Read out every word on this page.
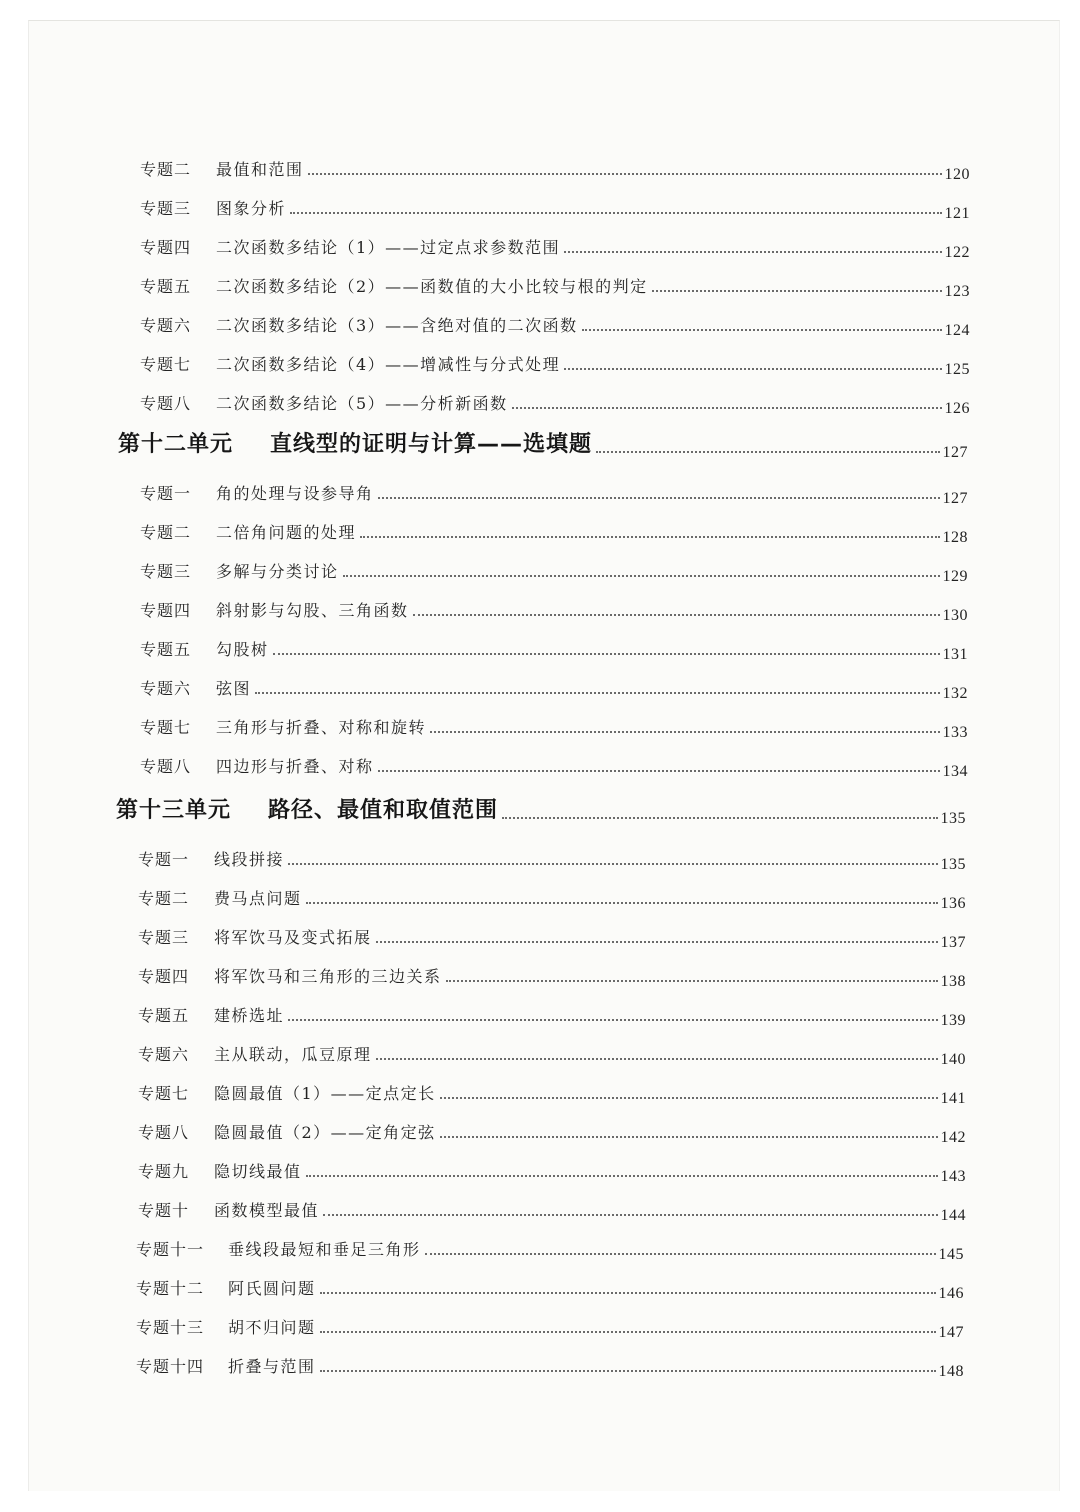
专题二	最值和范围	120
专题三	图象分析	121
专题四	二次函数多结论（1）——过定点求参数范围	122
专题五	二次函数多结论（2）——函数值的大小比较与根的判定	123
专题六	二次函数多结论（3）——含绝对值的二次函数	124
专题七	二次函数多结论（4）——增减性与分式处理	125
专题八	二次函数多结论（5）——分析新函数	126
第十二单元	直线型的证明与计算——选填题	127
专题一	角的处理与设参导角	127
专题二	二倍角问题的处理	128
专题三	多解与分类讨论	129
专题四	斜射影与勾股、三角函数	130
专题五	勾股树	131
专题六	弦图	132
专题七	三角形与折叠、对称和旋转	133
专题八	四边形与折叠、对称	134
第十三单元	路径、最值和取值范围	135
专题一	线段拼接	135
专题二	费马点问题	136
专题三	将军饮马及变式拓展	137
专题四	将军饮马和三角形的三边关系	138
专题五	建桥选址	139
专题六	主从联动，瓜豆原理	140
专题七	隐圆最值（1）——定点定长	141
专题八	隐圆最值（2）——定角定弦	142
专题九	隐切线最值	143
专题十	函数模型最值	144
专题十一	垂线段最短和垂足三角形	145
专题十二	阿氏圆问题	146
专题十三	胡不归问题	147
专题十四	折叠与范围	148
